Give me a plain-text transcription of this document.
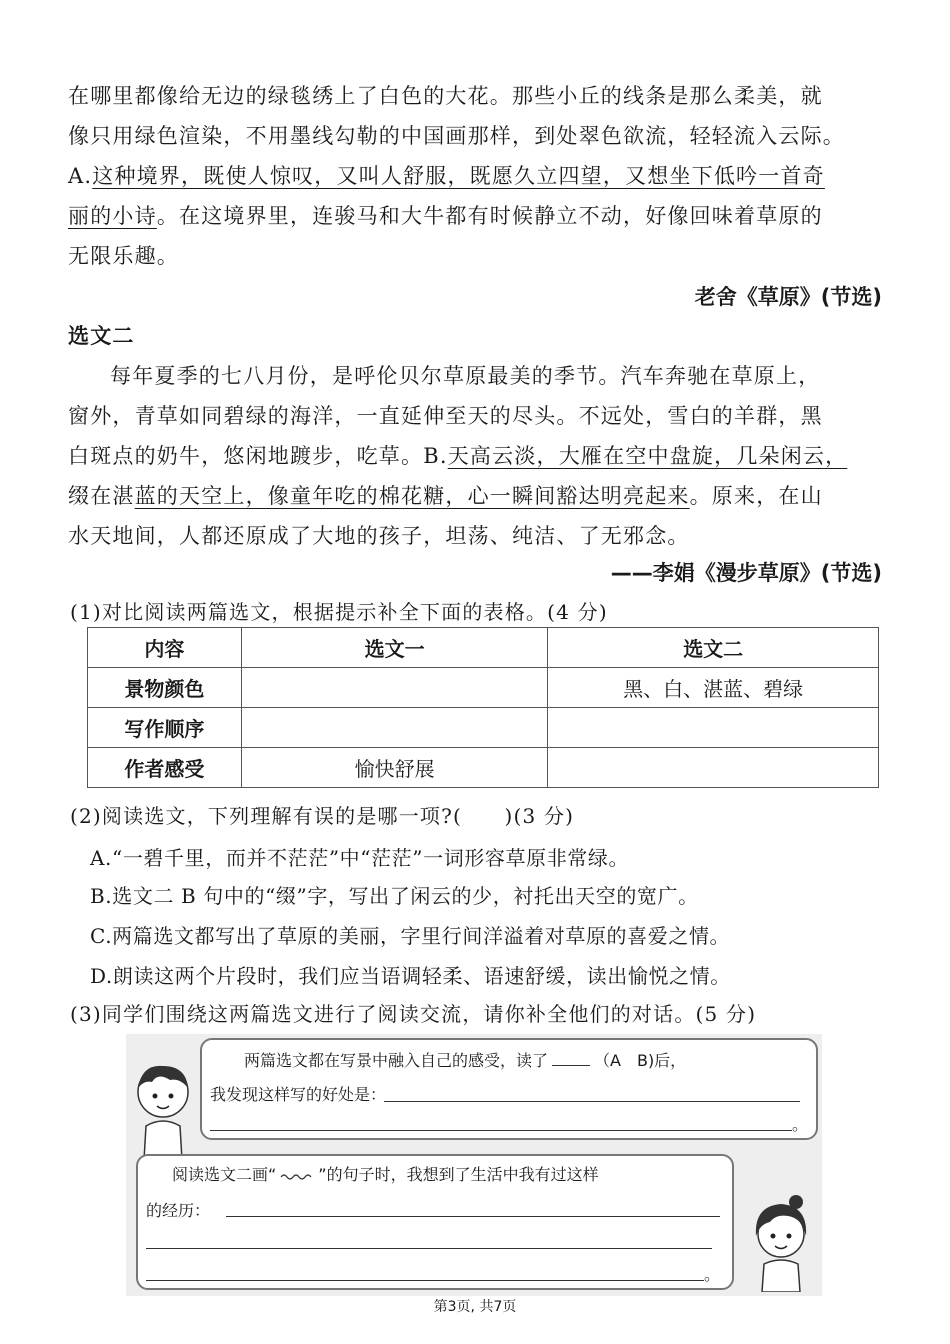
在哪里都像给无边的绿毯绣上了白色的大花。那些小丘的线条是那么柔美，就
像只用绿色渲染，不用墨线勾勒的中国画那样，到处翠色欲流，轻轻流入云际。
A.这种境界，既使人惊叹，又叫人舒服，既愿久立四望，又想坐下低吟一首奇
丽的小诗。在这境界里，连骏马和大牛都有时候静立不动，好像回味着草原的
无限乐趣。
老舍《草原》(节选)
选文二
每年夏季的七八月份，是呼伦贝尔草原最美的季节。汽车奔驰在草原上，
窗外，青草如同碧绿的海洋，一直延伸至天的尽头。不远处，雪白的羊群，黑
白斑点的奶牛，悠闲地踱步，吃草。B.天高云淡，大雁在空中盘旋，几朵闲云，
缀在湛蓝的天空上，像童年吃的棉花糖，心一瞬间豁达明亮起来。原来，在山
水天地间，人都还原成了大地的孩子，坦荡、纯洁、了无邪念。
——李娟《漫步草原》(节选)
(1)对比阅读两篇选文，根据提示补全下面的表格。(4 分)
内容	选文一	选文二
景物颜色		黑、白、湛蓝、碧绿
写作顺序		
作者感受	愉快舒展	
(2)阅读选文，下列理解有误的是哪一项?(　　)(3 分)
A.“一碧千里，而并不茫茫”中“茫茫”一词形容草原非常绿。
B.选文二 B 句中的“缀”字，写出了闲云的少，衬托出天空的宽广。
C.两篇选文都写出了草原的美丽，字里行间洋溢着对草原的喜爱之情。
D.朗读这两个片段时，我们应当语调轻柔、语速舒缓，读出愉悦之情。
(3)同学们围绕这两篇选文进行了阅读交流，请你补全他们的对话。(5 分)
两篇选文都在写景中融入自己的感受，读了	（A　B)后，
我发现这样写的好处是：
。
阅读选文二画“	”的句子时，我想到了生活中我有过这样
的经历：
。
第3页, 共7页
